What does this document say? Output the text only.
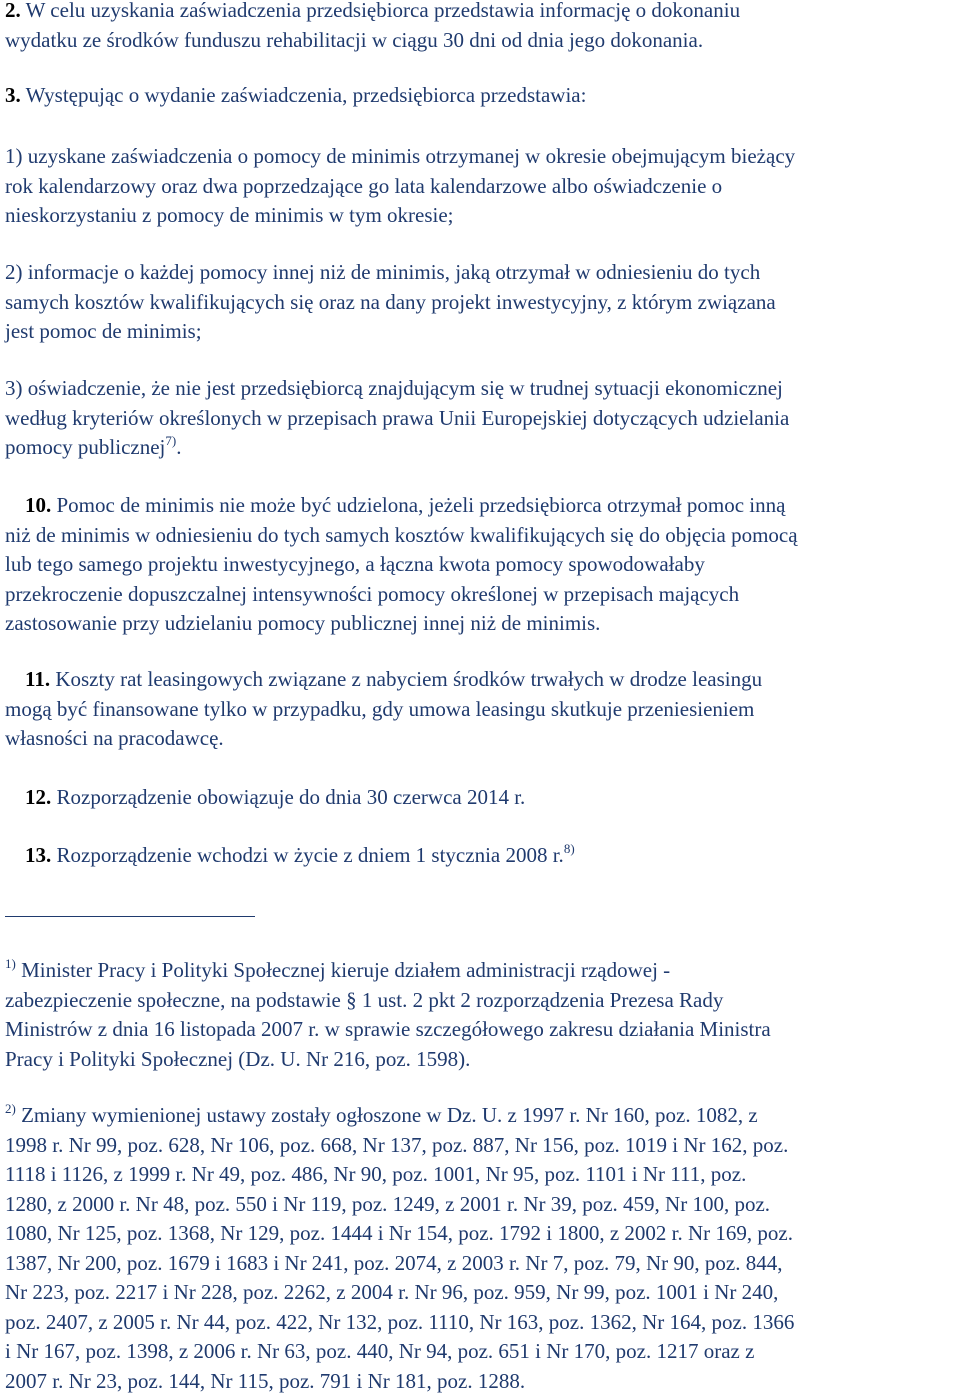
2. W celu uzyskania zaświadczenia przedsiębiorca przedstawia informację o dokonaniu
wydatku ze środków funduszu rehabilitacji w ciągu 30 dni od dnia jego dokonania.
3. Występując o wydanie zaświadczenia, przedsiębiorca przedstawia:
1) uzyskane zaświadczenia o pomocy de minimis otrzymanej w okresie obejmującym bieżący
rok kalendarzowy oraz dwa poprzedzające go lata kalendarzowe albo oświadczenie o
nieskorzystaniu z pomocy de minimis w tym okresie;
2) informacje o każdej pomocy innej niż de minimis, jaką otrzymał w odniesieniu do tych
samych kosztów kwalifikujących się oraz na dany projekt inwestycyjny, z którym związana
jest pomoc de minimis;
3) oświadczenie, że nie jest przedsiębiorcą znajdującym się w trudnej sytuacji ekonomicznej
według kryteriów określonych w przepisach prawa Unii Europejskiej dotyczących udzielania
pomocy publicznej$^{7)}$.
10. Pomoc de minimis nie może być udzielona, jeżeli przedsiębiorca otrzymał pomoc inną
niż de minimis w odniesieniu do tych samych kosztów kwalifikujących się do objęcia pomocą
lub tego samego projektu inwestycyjnego, a łączna kwota pomocy spowodowałaby
przekroczenie dopuszczalnej intensywności pomocy określonej w przepisach mających
zastosowanie przy udzielaniu pomocy publicznej innej niż de minimis.
11. Koszty rat leasingowych związane z nabyciem środków trwałych w drodze leasingu
mogą być finansowane tylko w przypadku, gdy umowa leasingu skutkuje przeniesieniem
własności na pracodawcę.
12. Rozporządzenie obowiązuje do dnia 30 czerwca 2014 r.
13. Rozporządzenie wchodzi w życie z dniem 1 stycznia 2008 r.$^{8)}$
$^{1)}$ Minister Pracy i Polityki Społecznej kieruje działem administracji rządowej -
zabezpieczenie społeczne, na podstawie § 1 ust. 2 pkt 2 rozporządzenia Prezesa Rady
Ministrów z dnia 16 listopada 2007 r. w sprawie szczegółowego zakresu działania Ministra
Pracy i Polityki Społecznej (Dz. U. Nr 216, poz. 1598).
$^{2)}$ Zmiany wymienionej ustawy zostały ogłoszone w Dz. U. z 1997 r. Nr 160, poz. 1082, z
1998 r. Nr 99, poz. 628, Nr 106, poz. 668, Nr 137, poz. 887, Nr 156, poz. 1019 i Nr 162, poz.
1118 i 1126, z 1999 r. Nr 49, poz. 486, Nr 90, poz. 1001, Nr 95, poz. 1101 i Nr 111, poz.
1280, z 2000 r. Nr 48, poz. 550 i Nr 119, poz. 1249, z 2001 r. Nr 39, poz. 459, Nr 100, poz.
1080, Nr 125, poz. 1368, Nr 129, poz. 1444 i Nr 154, poz. 1792 i 1800, z 2002 r. Nr 169, poz.
1387, Nr 200, poz. 1679 i 1683 i Nr 241, poz. 2074, z 2003 r. Nr 7, poz. 79, Nr 90, poz. 844,
Nr 223, poz. 2217 i Nr 228, poz. 2262, z 2004 r. Nr 96, poz. 959, Nr 99, poz. 1001 i Nr 240,
poz. 2407, z 2005 r. Nr 44, poz. 422, Nr 132, poz. 1110, Nr 163, poz. 1362, Nr 164, poz. 1366
i Nr 167, poz. 1398, z 2006 r. Nr 63, poz. 440, Nr 94, poz. 651 i Nr 170, poz. 1217 oraz z
2007 r. Nr 23, poz. 144, Nr 115, poz. 791 i Nr 181, poz. 1288.
